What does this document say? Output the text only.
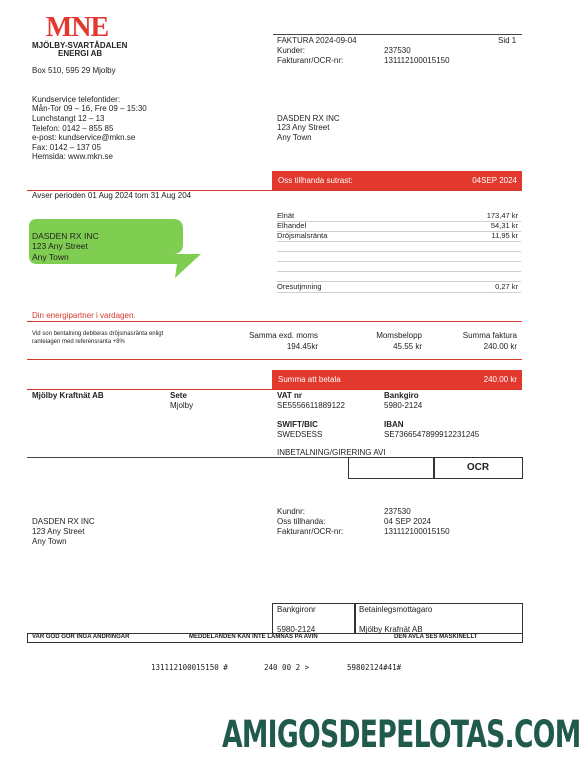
MNE
MJÖLBY-SVARTÅDALEN
ENERGI AB
Box 510, 595 29 Mjolby
Kundservice telefontider:
Mån-Tor 09 – 16, Fre 09 – 15:30
Lunchstangt 12 – 13
Telefon: 0142 – 855 85
e-post: kundservice@mkn.se
Fax: 0142 – 137 05
Hemsida: www.mkn.se
FAKTURA 2024-09-04	Sid 1
Kunder:	237530
Fakturanr/OCR-nr:	131112100015150
DASDEN RX INC
123 Any Street
Any Town
Oss tillhanda sutrast:	04SEP 2024
Avser perioden 01 Aug 2024 tom 31 Aug 204
DASDEN RX INC
123 Any Street
Any Town
Elnät	173,47 kr
Elhandel	54,31 kr
Dröjsmalsränta	11,95 kr
Oresutjmning	0,27 kr
Din energipartner i vardagen.
Vid son bentalning debiteras dröjsmasränta enligt
ranteiagen med referensranta +8%
Samma exd. moms
194.45kr
Momsbelopp
45.55 kr
Summa faktura
240.00 kr
Summa att betala	240.00 kr
Mjölby Kraftnät AB	Sete
Mjolby
VAT nr
SE5556611889122
Bankgiro
5980-2124
SWIFT/BIC
SWEDSESS
IBAN
SE7366547899912231245
INBETALNING/GIRERING AVI
OCR
Kundnr:	237530
Oss tillhanda:	04 SEP 2024
Fakturanr/OCR-nr:	131112100015150
DASDEN RX INC
123 Any Street
Any Town
Bankgironr
5980-2124
Betainlegsmottagaro
Mjölby Krafnät AB
VAR GOD GOR INGA ANDRINGAR	MEDDELANDEN KAN INTE LÄMNAS PA AVIN	DEN AVLA SES MASKINELLT
131112100015150 #	240 00 2 >	59802124#41#
AMIGOSDEPELOTAS.COM
